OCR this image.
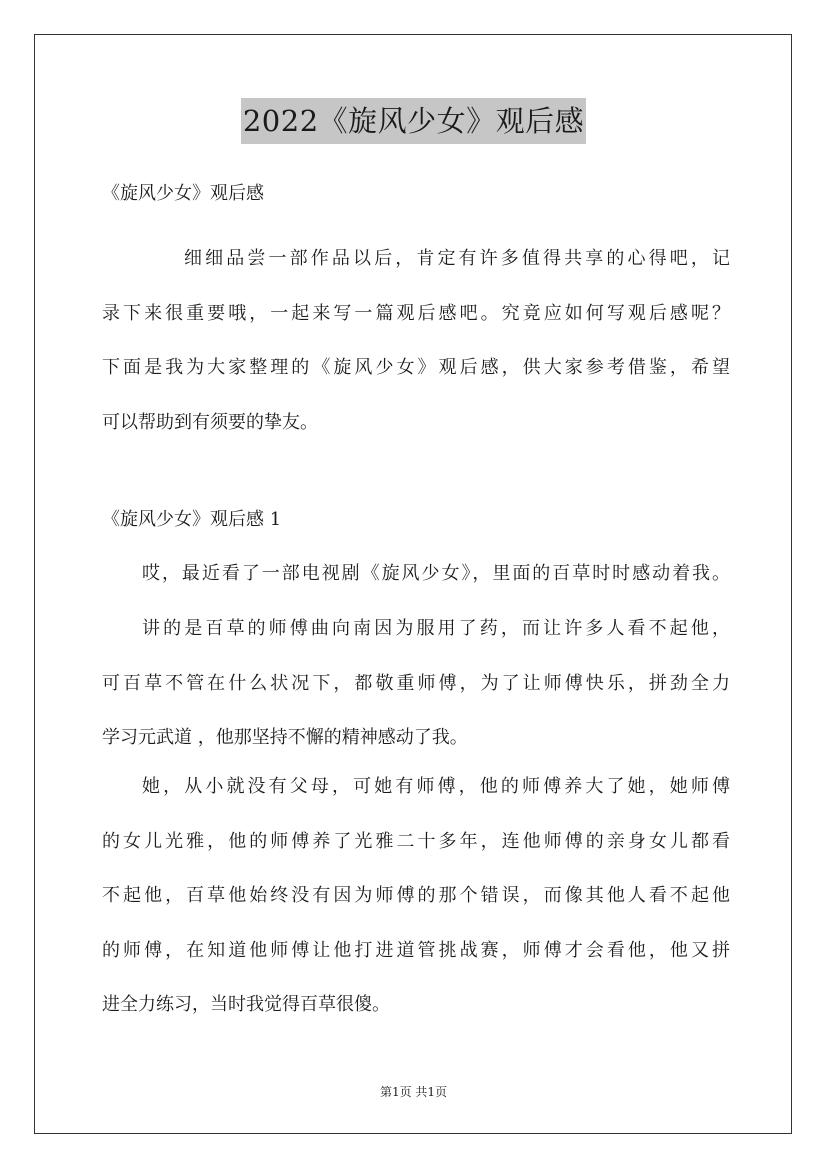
2022《旋风少女》观后感
《旋风少女》观后感
细细品尝一部作品以后，肯定有许多值得共享的心得吧，记
录下来很重要哦，一起来写一篇观后感吧。究竟应如何写观后感呢？
下面是我为大家整理的《旋风少女》观后感，供大家参考借鉴，希望
可以帮助到有须要的挚友。
《旋风少女》观后感 1
哎，最近看了一部电视剧《旋风少女》，里面的百草时时感动着我。
讲的是百草的师傅曲向南因为服用了药，而让许多人看不起他，
可百草不管在什么状况下，都敬重师傅，为了让师傅快乐，拼劲全力
学习元武道 ，他那坚持不懈的精神感动了我。
她，从小就没有父母，可她有师傅，他的师傅养大了她，她师傅
的女儿光雅，他的师傅养了光雅二十多年，连他师傅的亲身女儿都看
不起他，百草他始终没有因为师傅的那个错误，而像其他人看不起他
的师傅，在知道他师傅让他打进道管挑战赛，师傅才会看他，他又拼
进全力练习，当时我觉得百草很傻。
第1页 共1页
